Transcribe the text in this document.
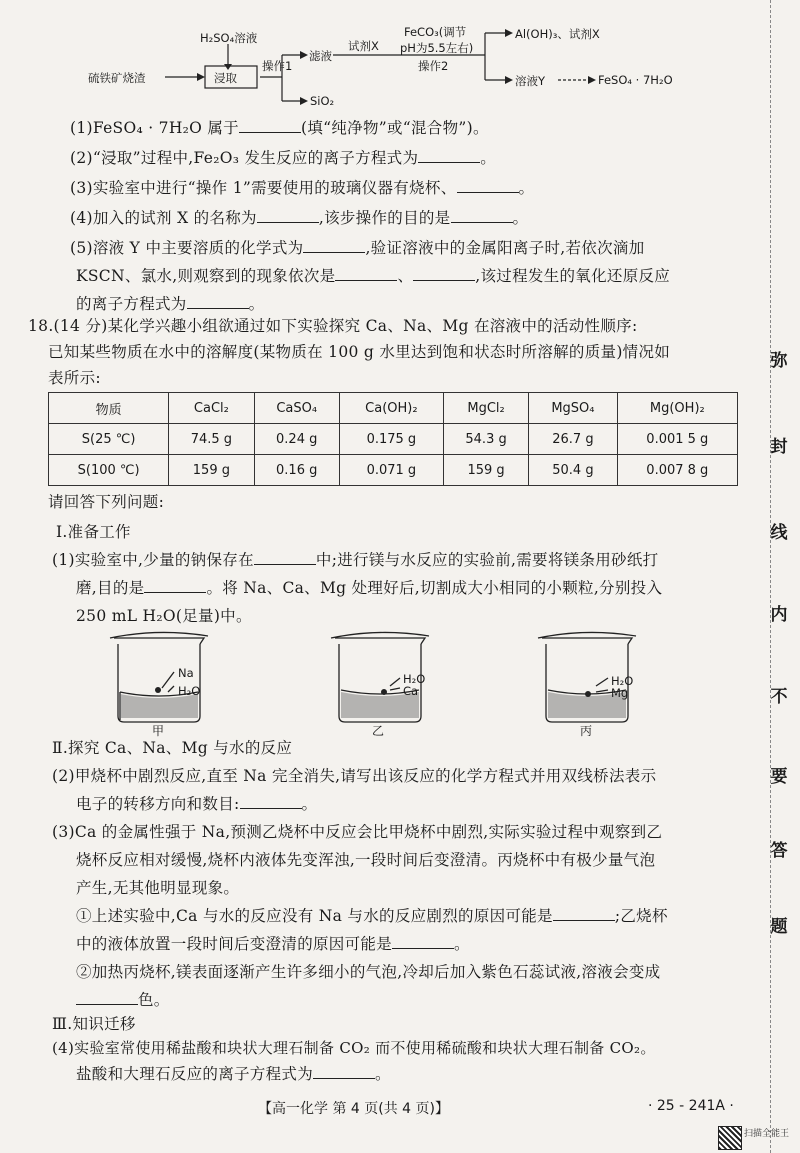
H₂SO₄溶液
硫铁矿烧渣	浸取
操作1
滤液
试剂X
FeCO₃(调节
pH为5.5左右)
操作2
Al(OH)₃、试剂X
溶液Y	FeSO₄ · 7H₂O
SiO₂
(1)FeSO₄ · 7H₂O 属于	(填“纯净物”或“混合物”)。
(2)“浸取”过程中,Fe₂O₃ 发生反应的离子方程式为	。
(3)实验室中进行“操作 1”需要使用的玻璃仪器有烧杯、	。
(4)加入的试剂 X 的名称为	,该步操作的目的是	。
(5)溶液 Y 中主要溶质的化学式为	,验证溶液中的金属阳离子时,若依次滴加
KSCN、氯水,则观察到的现象依次是	、	,该过程发生的氧化还原反应
的离子方程式为	。
18.(14 分)某化学兴趣小组欲通过如下实验探究 Ca、Na、Mg 在溶液中的活动性顺序:
已知某些物质在水中的溶解度(某物质在 100 g 水里达到饱和状态时所溶解的质量)情况如
表所示:
物质	CaCl₂	CaSO₄	Ca(OH)₂	MgCl₂	MgSO₄	Mg(OH)₂
S(25 ℃)	74.5 g	0.24 g	0.175 g	54.3 g	26.7 g	0.001 5 g
S(100 ℃)	159 g	0.16 g	0.071 g	159 g	50.4 g	0.007 8 g
请回答下列问题:
Ⅰ.准备工作
(1)实验室中,少量的钠保存在	中;进行镁与水反应的实验前,需要将镁条用砂纸打
磨,目的是	。将 Na、Ca、Mg 处理好后,切割成大小相同的小颗粒,分别投入
250 mL H₂O(足量)中。
Na
H₂O
甲
H₂O
Ca
乙
H₂O
Mg
丙
Ⅱ.探究 Ca、Na、Mg 与水的反应
(2)甲烧杯中剧烈反应,直至 Na 完全消失,请写出该反应的化学方程式并用双线桥法表示
电子的转移方向和数目:	。
(3)Ca 的金属性强于 Na,预测乙烧杯中反应会比甲烧杯中剧烈,实际实验过程中观察到乙
烧杯反应相对缓慢,烧杯内液体先变浑浊,一段时间后变澄清。丙烧杯中有极少量气泡
产生,无其他明显现象。
①上述实验中,Ca 与水的反应没有 Na 与水的反应剧烈的原因可能是	;乙烧杯
中的液体放置一段时间后变澄清的原因可能是	。
②加热丙烧杯,镁表面逐渐产生许多细小的气泡,冷却后加入紫色石蕊试液,溶液会变成
色。
Ⅲ.知识迁移
(4)实验室常使用稀盐酸和块状大理石制备 CO₂ 而不使用稀硫酸和块状大理石制备 CO₂。
盐酸和大理石反应的离子方程式为	。
弥
封
线
内
不
要
答
题
【高一化学 第 4 页(共 4 页)】	· 25 - 241A ·
扫描全能王
